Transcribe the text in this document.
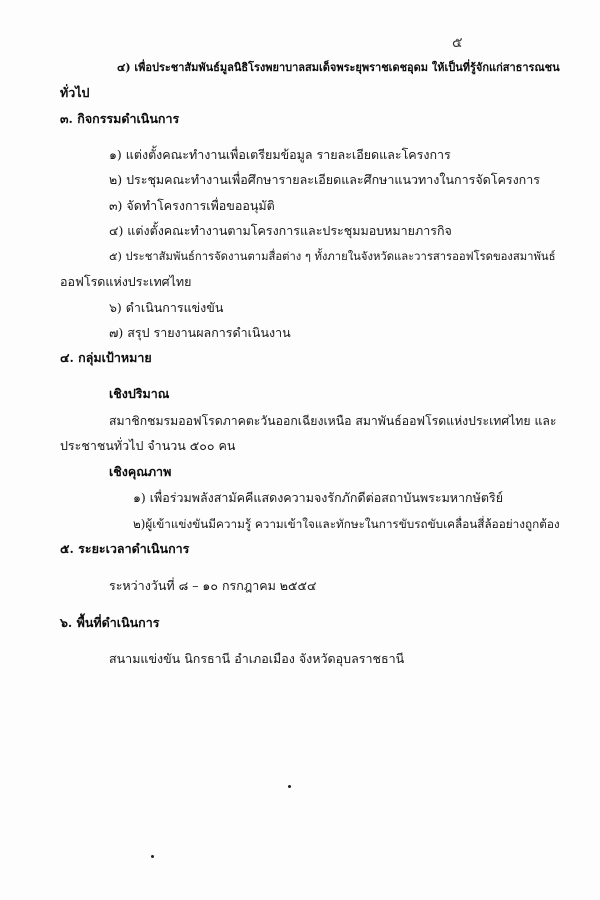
๕
๔) เพื่อประชาสัมพันธ์มูลนิธิโรงพยาบาลสมเด็จพระยุพราชเดชอุดม ให้เป็นที่รู้จักแก่สาธารณชน
ทั่วไป
๓. กิจกรรมดำเนินการ
๑) แต่งตั้งคณะทำงานเพื่อเตรียมข้อมูล รายละเอียดและโครงการ
๒) ประชุมคณะทำงานเพื่อศึกษารายละเอียดและศึกษาแนวทางในการจัดโครงการ
๓) จัดทำโครงการเพื่อขออนุมัติ
๔) แต่งตั้งคณะทำงานตามโครงการและประชุมมอบหมายภารกิจ
๕) ประชาสัมพันธ์การจัดงานตามสื่อต่าง ๆ ทั้งภายในจังหวัดและวารสารออฟโรดของสมาพันธ์
ออฟโรดแห่งประเทศไทย
๖) ดำเนินการแข่งขัน
๗) สรุป รายงานผลการดำเนินงาน
๔. กลุ่มเป้าหมาย
เชิงปริมาณ
สมาชิกชมรมออฟโรดภาคตะวันออกเฉียงเหนือ สมาพันธ์ออฟโรดแห่งประเทศไทย และ
ประชาชนทั่วไป จำนวน ๕๐๐ คน
เชิงคุณภาพ
๑) เพื่อร่วมพลังสามัคคีแสดงความจงรักภักดีต่อสถาบันพระมหากษัตริย์
๒)ผู้เข้าแข่งขันมีความรู้ ความเข้าใจและทักษะในการขับรถขับเคลื่อนสี่ล้ออย่างถูกต้อง
๕. ระยะเวลาดำเนินการ
ระหว่างวันที่ ๘ – ๑๐ กรกฎาคม ๒๕๕๔
๖. พื้นที่ดำเนินการ
สนามแข่งขัน นิกรธานี อำเภอเมือง จังหวัดอุบลราชธานี
